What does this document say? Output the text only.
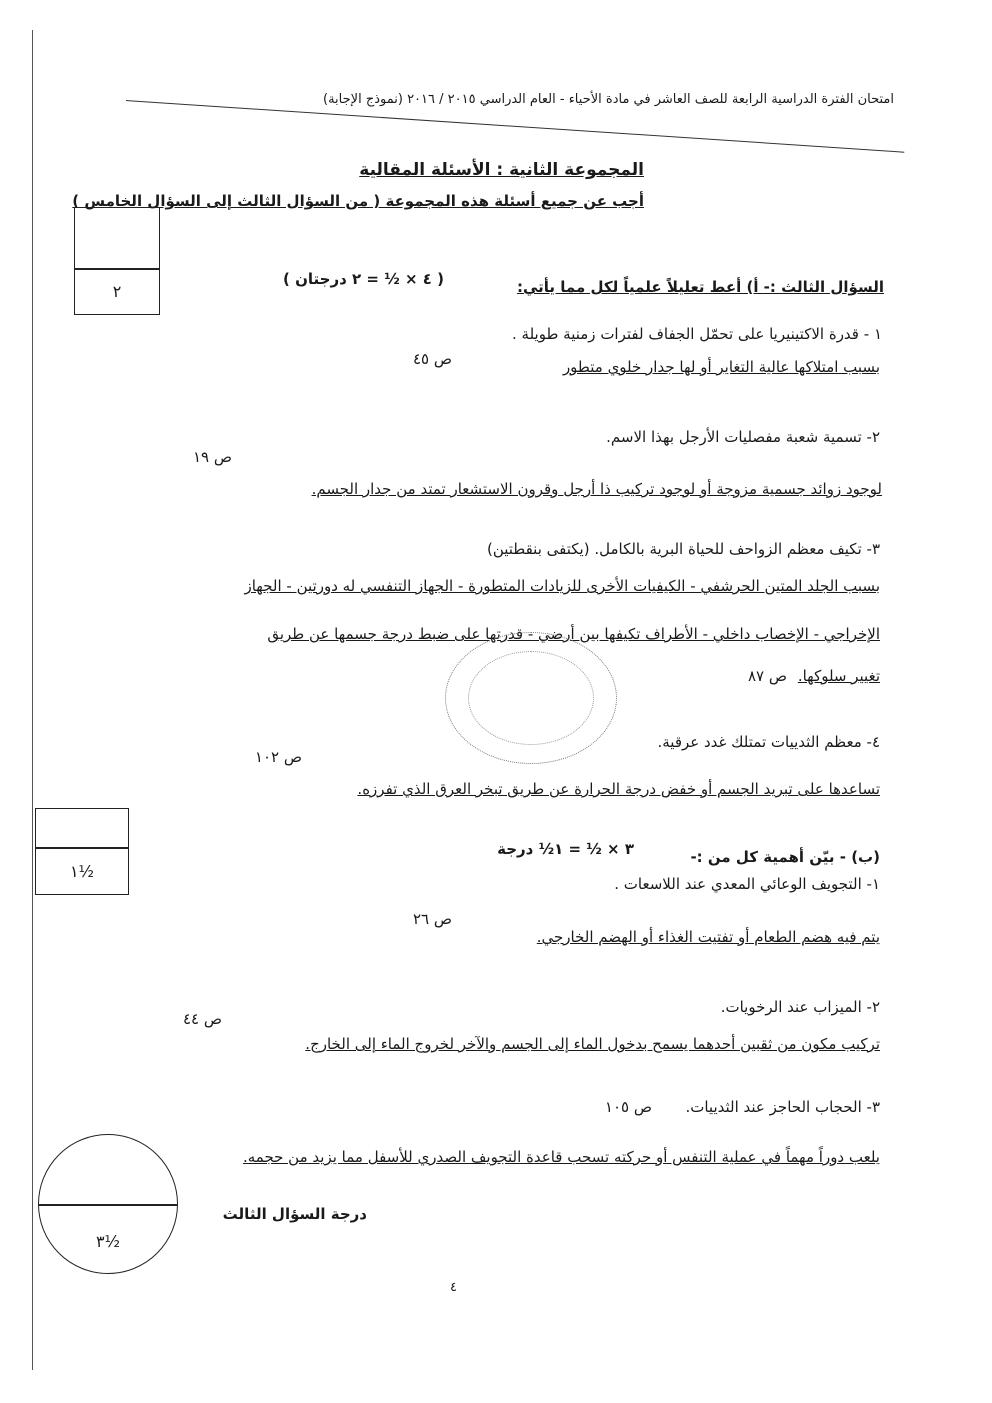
امتحان الفترة الدراسية الرابعة للصف العاشر في مادة الأحياء - العام الدراسي ٢٠١٥ / ٢٠١٦ (نموذج الإجابة)
المجموعة الثانية : الأسئلة المقالية
أجب عن جميع أسئلة هذه المجموعة ( من السؤال الثالث إلى السؤال الخامس )
٢	السؤال الثالث :- أ) أعط تعليلاً علمياً لكل مما يأتي:
( ٤ × ½ = ٢ درجتان )
١ - قدرة الاكتينيريا على تحمّل الجفاف لفترات زمنية طويلة .
بسبب امتلاكها عالية التغاير أو لها جدار خلوي متطور
ص ٤٥
٢- تسمية شعبة مفصليات الأرجل بهذا الاسم.
لوجود زوائد جسمية مزوجة أو لوجود تركيب ذا أرجل وقرون الاستشعار تمتد من جدار الجسم.
ص ١٩
٣- تكيف معظم الزواحف للحياة البرية بالكامل. (يكتفى بنقطتين)
بسبب الجلد المتين الحرشفي - الكيفيات الأخرى للزيادات المتطورة - الجهاز التنفسي له دورتين - الجهاز
الإخراجي - الإخصاب داخلي - الأطراف تكيفها بين أرضي - قدرتها على ضبط درجة جسمها عن طريق
تغيير سلوكها.
ص ٨٧
٤- معظم الثدييات تمتلك غدد عرقية.
تساعدها على تبريد الجسم أو خفض درجة الحرارة عن طريق تبخر العرق الذي تفرزه.
ص ١٠٢
١½
(ب) - بيّن أهمية كل من :-
٣ × ½ = ١½ درجة
١- التجويف الوعائي المعدي عند اللاسعات .
يتم فيه هضم الطعام أو تفتيت الغذاء أو الهضم الخارجي.
ص ٢٦
٢- الميزاب عند الرخويات.
تركيب مكون من ثقبين أحدهما يسمح بدخول الماء إلى الجسم والآخر لخروج الماء إلى الخارج.
ص ٤٤
٣- الحجاب الحاجز عند الثدييات.
ص ١٠٥
يلعب دوراً مهماً في عملية التنفس أو حركته تسحب قاعدة التجويف الصدري للأسفل مما يزيد من حجمه.
٣½
درجة السؤال الثالث
٤
